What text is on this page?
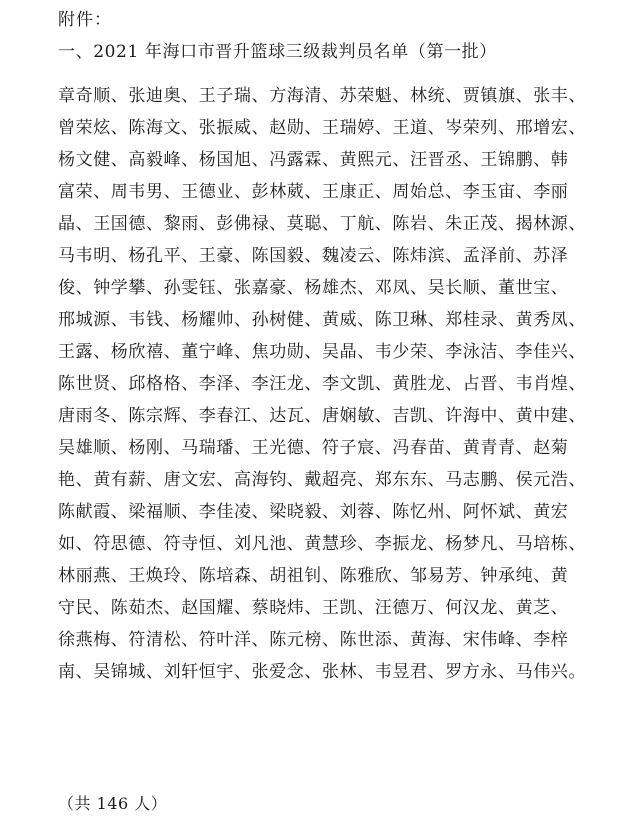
附件：
一、2021 年海口市晋升篮球三级裁判员名单（第一批）
章奇顺、张迪奥、王子瑞、方海清、苏荣魁、林统、贾镇旗、张丰、
曾荣炫、陈海文、张振威、赵勋、王瑞婷、王道、岑荣列、邢增宏、
杨文健、高毅峰、杨国旭、冯露霖、黄熙元、汪晋丞、王锦鹏、韩
富荣、周韦男、王德业、彭林葳、王康正、周始总、李玉宙、李丽
晶、王国德、黎雨、彭佛禄、莫聪、丁航、陈岩、朱正茂、揭林源、
马韦明、杨孔平、王豪、陈国毅、魏凌云、陈炜滨、孟泽前、苏泽
俊、钟学攀、孙雯钰、张嘉豪、杨雄杰、邓凤、吴长顺、董世宝、
邢城源、韦钱、杨耀帅、孙树健、黄威、陈卫琳、郑桂录、黄秀凤、
王露、杨欣禧、董宁峰、焦功勋、吴晶、韦少荣、李泳洁、李佳兴、
陈世贤、邱格格、李泽、李汪龙、李文凯、黄胜龙、占晋、韦肖煌、
唐雨冬、陈宗辉、李春江、达瓦、唐娴敏、吉凯、许海中、黄中建、
吴雄顺、杨刚、马瑞璠、王光德、符子宸、冯春苗、黄青青、赵菊
艳、黄有薪、唐文宏、高海钧、戴超亮、郑东东、马志鹏、侯元浩、
陈献霞、梁福顺、李佳凌、梁晓毅、刘蓉、陈忆州、阿怀斌、黄宏
如、符思德、符寺恒、刘凡池、黄慧珍、李振龙、杨梦凡、马培栋、
林丽燕、王焕玲、陈培森、胡祖钊、陈雅欣、邹易芳、钟承纯、黄
守民、陈茹杰、赵国耀、蔡晓炜、王凯、汪德万、何汉龙、黄芝、
徐燕梅、符清松、符叶洋、陈元榜、陈世添、黄海、宋伟峰、李梓
南、吴锦城、刘轩恒宇、张爱念、张林、韦昱君、罗方永、马伟兴。
（共 146 人）
